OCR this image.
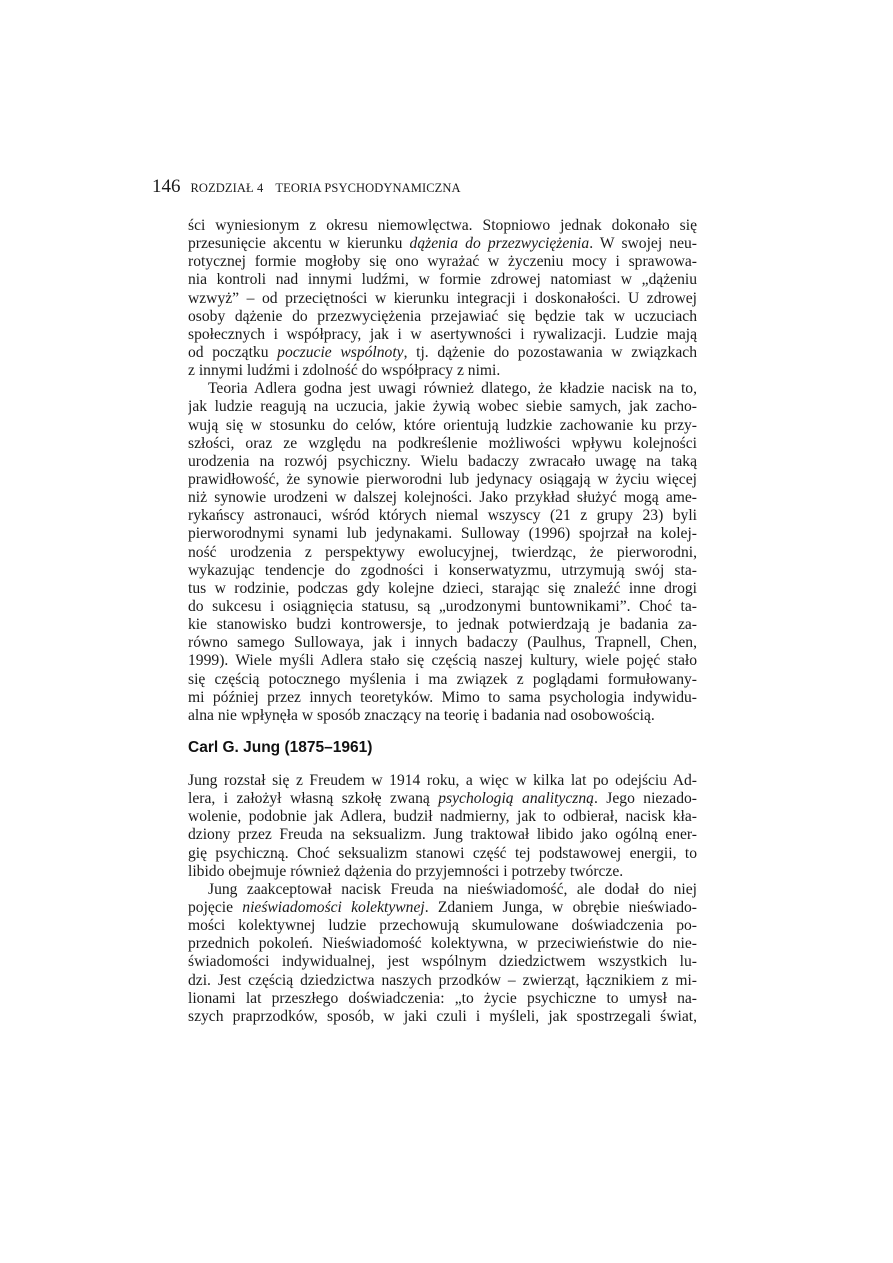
146 ROZDZIAŁ 4 TEORIA PSYCHODYNAMICZNA
ści wyniesionym z okresu niemowlęctwa. Stopniowo jednak dokonało się
przesunięcie akcentu w kierunku dążenia do przezwyciężenia. W swojej neu-
rotycznej formie mogłoby się ono wyrażać w życzeniu mocy i sprawowa-
nia kontroli nad innymi ludźmi, w formie zdrowej natomiast w „dążeniu
wzwyż” – od przeciętności w kierunku integracji i doskonałości. U zdrowej
osoby dążenie do przezwyciężenia przejawiać się będzie tak w uczuciach
społecznych i współpracy, jak i w asertywności i rywalizacji. Ludzie mają
od początku poczucie wspólnoty, tj. dążenie do pozostawania w związkach
z innymi ludźmi i zdolność do współpracy z nimi.
Teoria Adlera godna jest uwagi również dlatego, że kładzie nacisk na to,
jak ludzie reagują na uczucia, jakie żywią wobec siebie samych, jak zacho-
wują się w stosunku do celów, które orientują ludzkie zachowanie ku przy-
szłości, oraz ze względu na podkreślenie możliwości wpływu kolejności
urodzenia na rozwój psychiczny. Wielu badaczy zwracało uwagę na taką
prawidłowość, że synowie pierworodni lub jedynacy osiągają w życiu więcej
niż synowie urodzeni w dalszej kolejności. Jako przykład służyć mogą ame-
rykańscy astronauci, wśród których niemal wszyscy (21 z grupy 23) byli
pierworodnymi synami lub jedynakami. Sulloway (1996) spojrzał na kolej-
ność urodzenia z perspektywy ewolucyjnej, twierdząc, że pierworodni,
wykazując tendencje do zgodności i konserwatyzmu, utrzymują swój sta-
tus w rodzinie, podczas gdy kolejne dzieci, starając się znaleźć inne drogi
do sukcesu i osiągnięcia statusu, są „urodzonymi buntownikami”. Choć ta-
kie stanowisko budzi kontrowersje, to jednak potwierdzają je badania za-
równo samego Sullowaya, jak i innych badaczy (Paulhus, Trapnell, Chen,
1999). Wiele myśli Adlera stało się częścią naszej kultury, wiele pojęć stało
się częścią potocznego myślenia i ma związek z poglądami formułowany-
mi później przez innych teoretyków. Mimo to sama psychologia indywidu-
alna nie wpłynęła w sposób znaczący na teorię i badania nad osobowością.
Carl G. Jung (1875–1961)
Jung rozstał się z Freudem w 1914 roku, a więc w kilka lat po odejściu Ad-
lera, i założył własną szkołę zwaną psychologią analityczną. Jego niezado-
wolenie, podobnie jak Adlera, budził nadmierny, jak to odbierał, nacisk kła-
dziony przez Freuda na seksualizm. Jung traktował libido jako ogólną ener-
gię psychiczną. Choć seksualizm stanowi część tej podstawowej energii, to
libido obejmuje również dążenia do przyjemności i potrzeby twórcze.
Jung zaakceptował nacisk Freuda na nieświadomość, ale dodał do niej
pojęcie nieświadomości kolektywnej. Zdaniem Junga, w obrębie nieświado-
mości kolektywnej ludzie przechowują skumulowane doświadczenia po-
przednich pokoleń. Nieświadomość kolektywna, w przeciwieństwie do nie-
świadomości indywidualnej, jest wspólnym dziedzictwem wszystkich lu-
dzi. Jest częścią dziedzictwa naszych przodków – zwierząt, łącznikiem z mi-
lionami lat przeszłego doświadczenia: „to życie psychiczne to umysł na-
szych praprzodków, sposób, w jaki czuli i myśleli, jak spostrzegali świat,
